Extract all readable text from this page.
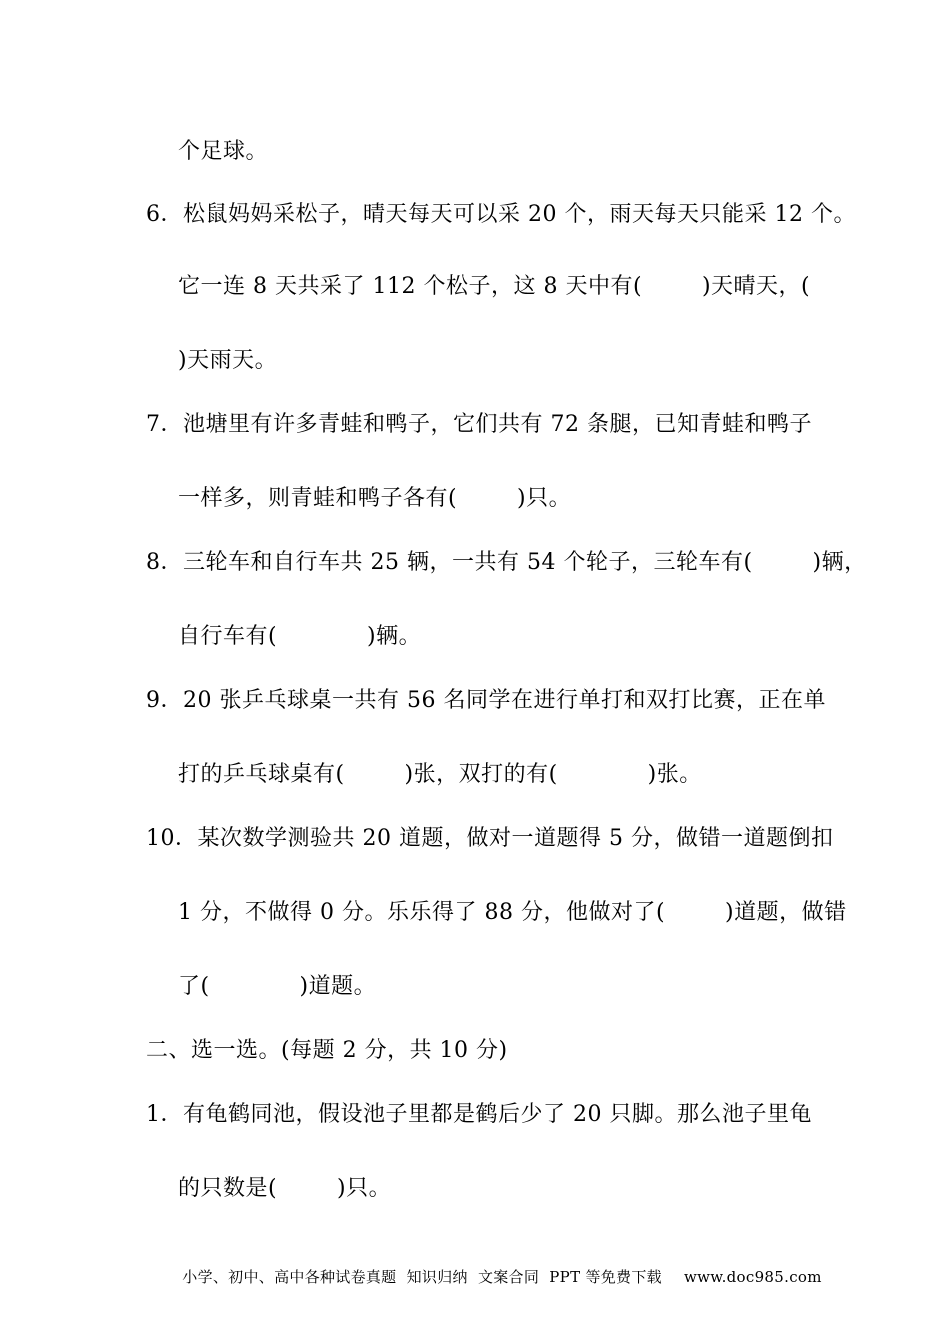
个足球。
6．松鼠妈妈采松子，晴天每天可以采 20 个，雨天每天只能采 12 个。
它一连 8 天共采了 112 个松子，这 8 天中有(        )天晴天，(
)天雨天。
7．池塘里有许多青蛙和鸭子，它们共有 72 条腿，已知青蛙和鸭子
一样多，则青蛙和鸭子各有(        )只。
8．三轮车和自行车共 25 辆，一共有 54 个轮子，三轮车有(        )辆，
自行车有(            )辆。
9．20 张乒乓球桌一共有 56 名同学在进行单打和双打比赛，正在单
打的乒乓球桌有(        )张，双打的有(            )张。
10．某次数学测验共 20 道题，做对一道题得 5 分，做错一道题倒扣
1 分，不做得 0 分。乐乐得了 88 分，他做对了(        )道题，做错
了(            )道题。
二、选一选。(每题 2 分，共 10 分)
1．有龟鹤同池，假设池子里都是鹤后少了 20 只脚。那么池子里龟
的只数是(        )只。

小学、初中、高中各种试卷真题  知识归纳  文案合同  PPT 等免费下载 www.doc985.com
